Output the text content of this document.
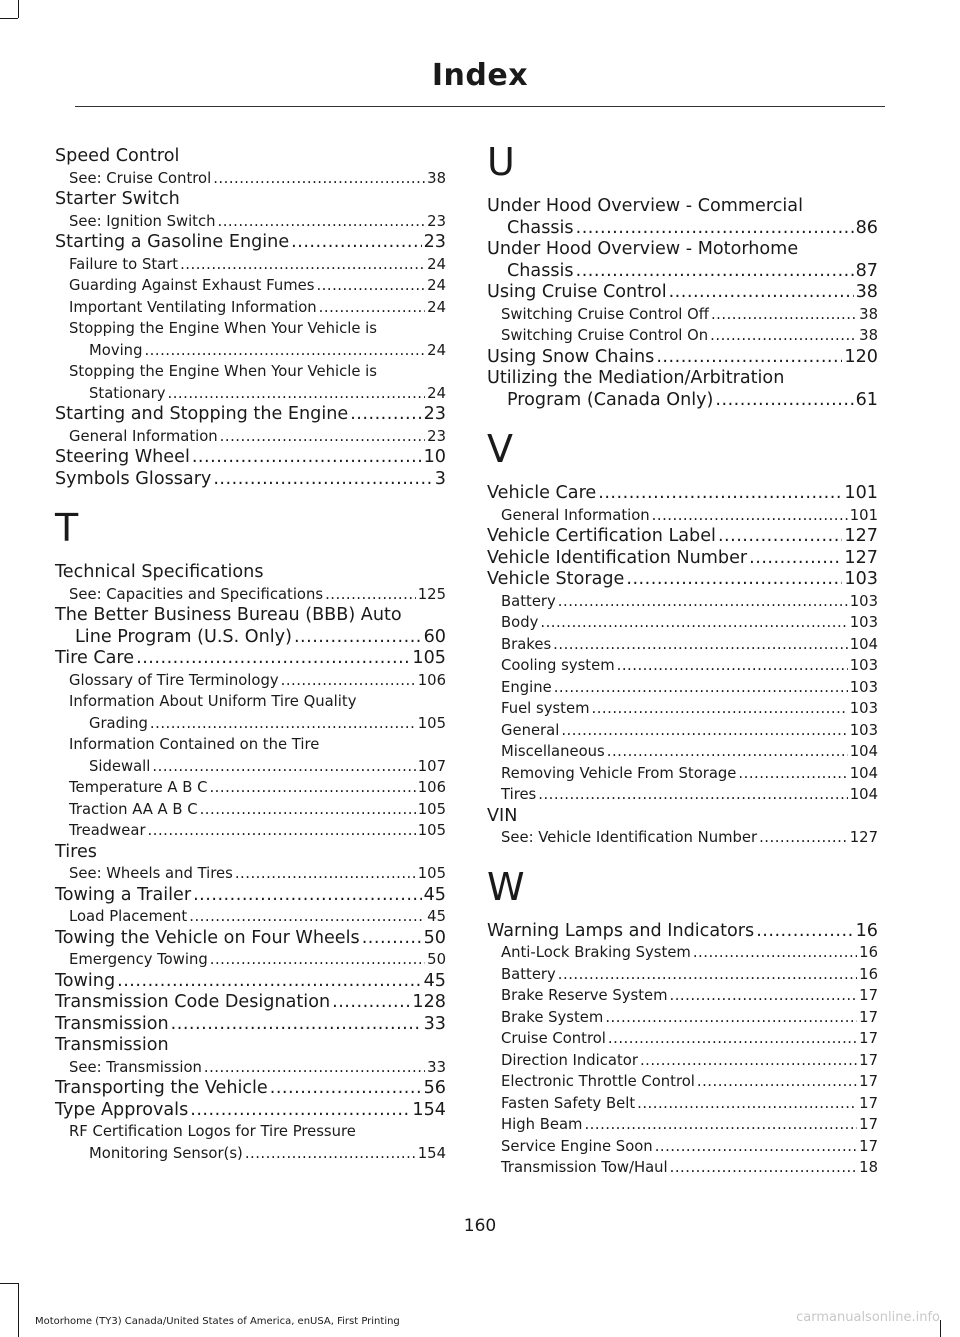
Index
Speed Control
See: Cruise Control .....	38
Starter Switch
See: Ignition Switch .....	23
Starting a Gasoline Engine .....	23
Failure to Start .....	24
Guarding Against Exhaust Fumes .....	24
Important Ventilating Information .....	24
Stopping the Engine When Your Vehicle is
Moving .....	24
Stopping the Engine When Your Vehicle is
Stationary .....	24
Starting and Stopping the Engine .....	23
General Information .....	23
Steering Wheel .....	10
Symbols Glossary .....	3
T
Technical Specifications
See: Capacities and Specifications .....	125
The Better Business Bureau (BBB) Auto
Line Program (U.S. Only) .....	60
Tire Care .....	105
Glossary of Tire Terminology .....	106
Information About Uniform Tire Quality
Grading .....	105
Information Contained on the Tire
Sidewall .....	107
Temperature A B C .....	106
Traction AA A B C .....	105
Treadwear .....	105
Tires
See: Wheels and Tires .....	105
Towing a Trailer .....	45
Load Placement .....	45
Towing the Vehicle on Four Wheels .....	50
Emergency Towing .....	50
Towing .....	45
Transmission Code Designation .....	128
Transmission .....	33
Transmission
See: Transmission .....	33
Transporting the Vehicle .....	56
Type Approvals .....	154
RF Certification Logos for Tire Pressure
Monitoring Sensor(s) .....	154
U
Under Hood Overview - Commercial
Chassis .....	86
Under Hood Overview - Motorhome
Chassis .....	87
Using Cruise Control .....	38
Switching Cruise Control Off .....	38
Switching Cruise Control On .....	38
Using Snow Chains .....	120
Utilizing the Mediation/Arbitration
Program (Canada Only) .....	61
V
Vehicle Care .....	101
General Information .....	101
Vehicle Certification Label .....	127
Vehicle Identification Number .....	127
Vehicle Storage .....	103
Battery .....	103
Body .....	103
Brakes .....	104
Cooling system .....	103
Engine .....	103
Fuel system .....	103
General .....	103
Miscellaneous .....	104
Removing Vehicle From Storage .....	104
Tires .....	104
VIN
See: Vehicle Identification Number .....	127
W
Warning Lamps and Indicators .....	16
Anti-Lock Braking System .....	16
Battery .....	16
Brake Reserve System .....	17
Brake System .....	17
Cruise Control .....	17
Direction Indicator .....	17
Electronic Throttle Control .....	17
Fasten Safety Belt .....	17
High Beam .....	17
Service Engine Soon .....	17
Transmission Tow/Haul .....	18
160
Motorhome (TY3) Canada/United States of America, enUSA, First Printing	carmanualsonline.info
